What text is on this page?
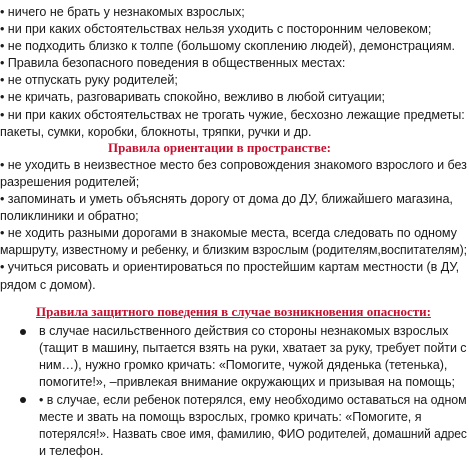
• ничего не брать у незнакомых взрослых;
• ни при каких обстоятельствах нельзя уходить с посторонним человеком;
• не подходить близко к толпе (большому скоплению людей), демонстрациям.
• Правила безопасного поведения в общественных местах:
• не отпускать руку родителей;
• не кричать, разговаривать спокойно, вежливо в любой ситуации;
• ни при каких обстоятельствах не трогать чужие, бесхозно лежащие предметы:
пакеты, сумки, коробки, блокноты, тряпки, ручки и др.
Правила ориентации в пространстве:
• не уходить в неизвестное место без сопровождения знакомого взрослого и без
разрешения родителей;
• запоминать и уметь объяснять дорогу от дома до ДУ, ближайшего магазина,
поликлиники и обратно;
• не ходить разными дорогами в знакомые места, всегда следовать по одному
маршруту, известному и ребенку, и близким взрослым (родителям,воспитателям);
• учиться рисовать и ориентироваться по простейшим картам местности (в ДУ,
рядом с домом).
Правила защитного поведения в случае возникновения опасности:
в случае насильственного действия со стороны незнакомых взрослых
(тащит в машину, пытается взять на руки, хватает за руку, требует пойти с
ним…), нужно громко кричать: «Помогите, чужой дяденька (тетенька),
помогите!», –привлекая внимание окружающих и призывая на помощь;
• в случае, если ребенок потерялся, ему необходимо оставаться на одном
месте и звать на помощь взрослых, громко кричать: «Помогите, я
потерялся!». Назвать свое имя, фамилию, ФИО родителей, домашний адрес
и телефон.
